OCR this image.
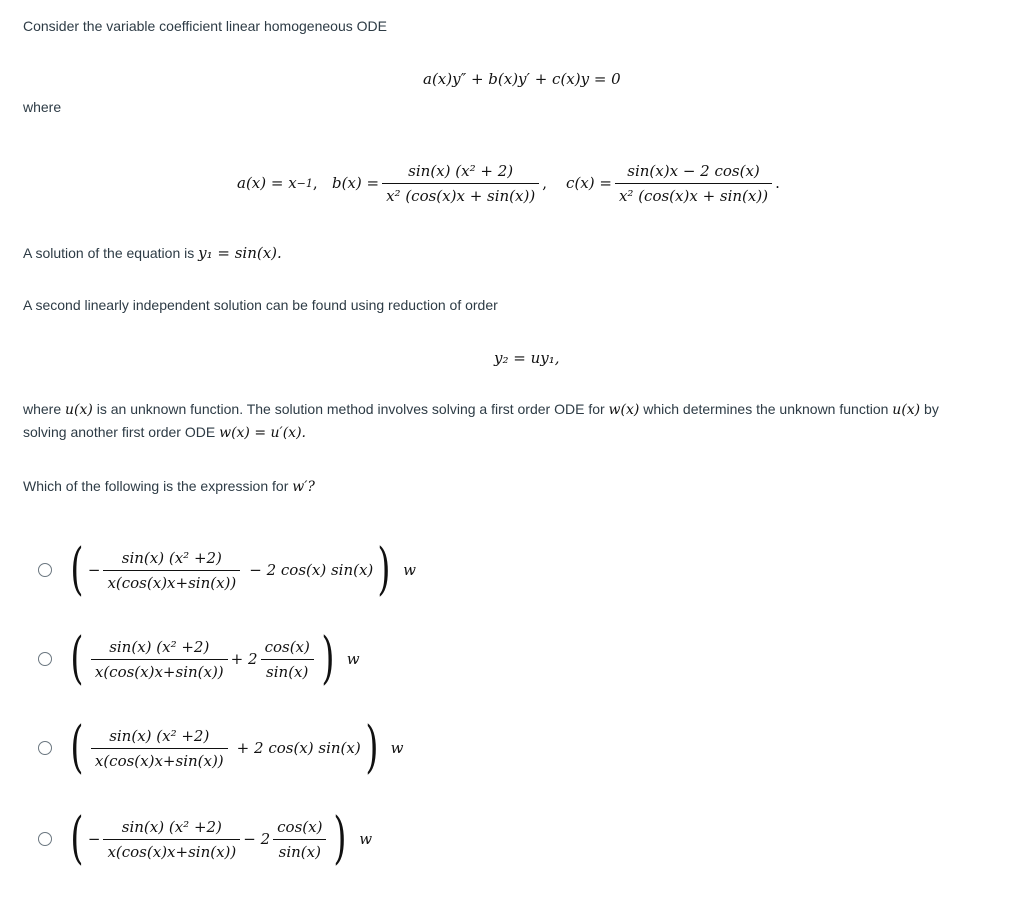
Consider the variable coefficient linear homogeneous ODE
a(x)y″ + b(x)y′ + c(x)y = 0
where
a(x) = x −1 , $b(x) = \frac{\text{sin(x) (x² + 2)}}{\text{x² (cos(x)x + sin(x))}}$ , $c(x) = \frac{\sin(x)x - 2 \cos(x)}{\text{x² (cos(x)x + sin(x))}}$ .
A solution of the equation is y₁ = sin(x).
A second linearly independent solution can be found using reduction of order
y₂ = uy₁,
where u(x) is an unknown function. The solution method involves solving a first order ODE for w(x) which determines the unknown function u(x) by
solving another first order ODE w(x) = u′(x).
Which of the following is the expression for w′?
( − $\frac{\text{sin(x) (x² +2)}}{x(\cos(x)x+\sin(x))} - 2$ cos(x) sin(x) ) w
( $\frac{\text{sin(x) (x² +2)}}{x(\cos(x)x+\sin(x))} + 2 \frac{\cos(x)}{\sin(x)}$ ) w
( $\frac{\text{sin(x) (x² +2)}}{x(\cos(x)x+\sin(x))} + 2$ cos(x) sin(x) ) w
( − $\frac{\text{sin(x) (x² +2)}}{x(\cos(x)x+\sin(x))} - 2 \frac{\cos(x)}{\sin(x)}$ ) w
